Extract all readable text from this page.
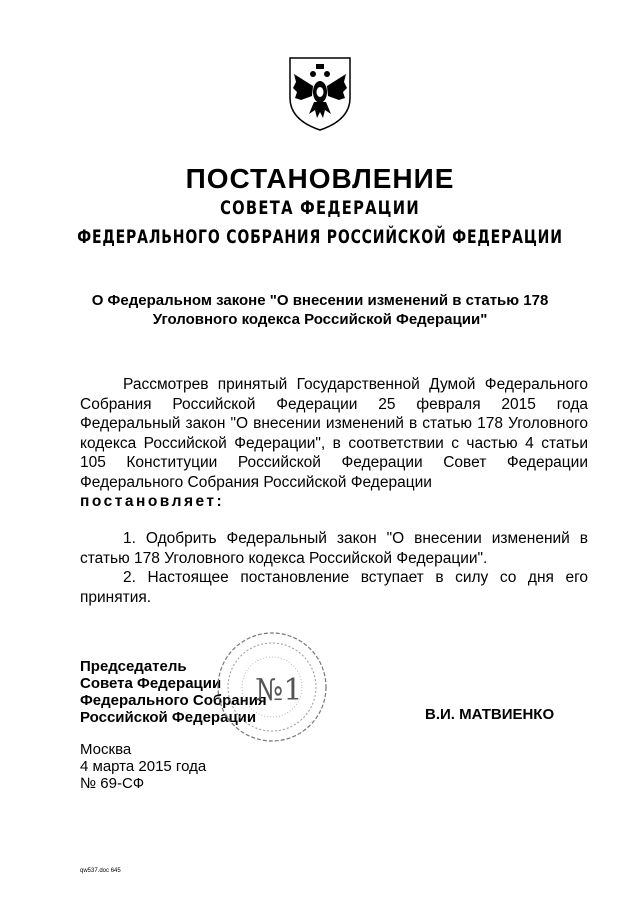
ПОСТАНОВЛЕНИЕ
СОВЕТА ФЕДЕРАЦИИ
ФЕДЕРАЛЬНОГО СОБРАНИЯ РОССИЙСКОЙ ФЕДЕРАЦИИ
О Федеральном законе "О внесении изменений в статью 178
Уголовного кодекса Российской Федерации"
Рассмотрев принятый Государственной Думой Федерального Собрания Российской Федерации 25 февраля 2015 года Федеральный закон "О внесении изменений в статью 178 Уголовного кодекса Российской Федерации", в соответствии с частью 4 статьи 105 Конституции Российской Федерации Совет Федерации Федерального Собрания Российской Федерации
постановляет:

1. Одобрить Федеральный закон "О внесении изменений в статью 178 Уголовного кодекса Российской Федерации".

2. Настоящее постановление вступает в силу со дня его принятия.

Председатель
Совета Федерации
Федерального Собрания
Российской Федерации
№1
В.И. МАТВИЕНКО
Москва
4 марта 2015 года
№ 69-СФ
qw537.doc 645
